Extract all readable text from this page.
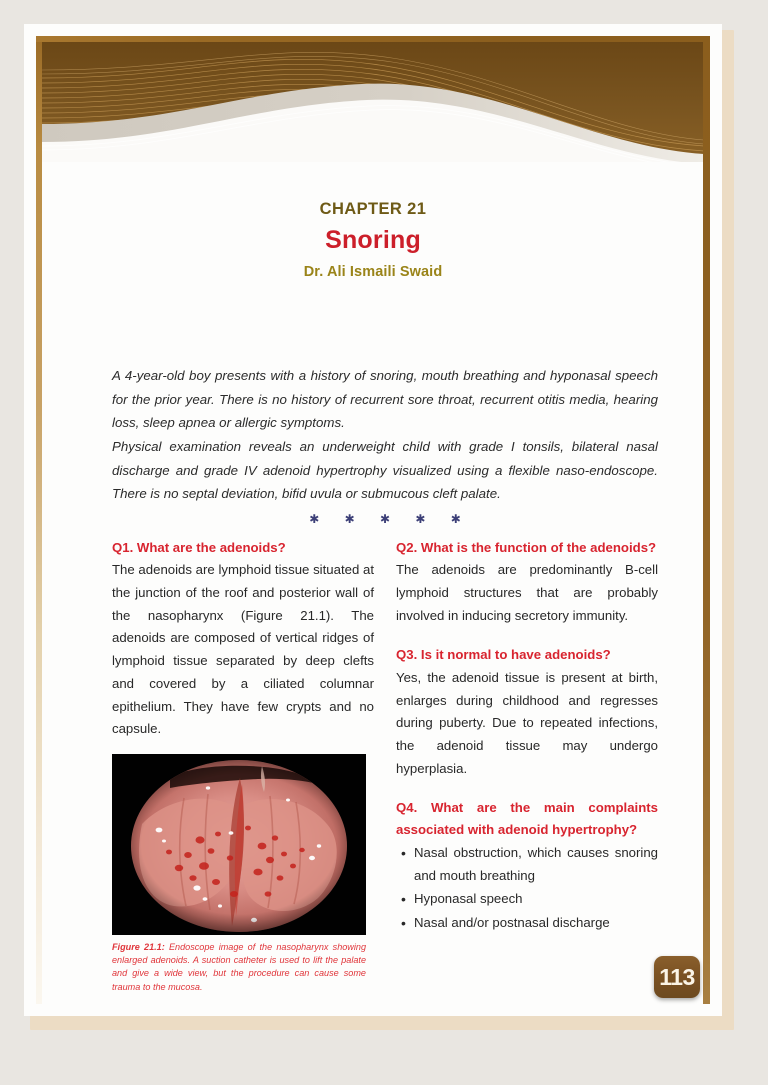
CHAPTER 21
Snoring
Dr. Ali Ismaili Swaid

A 4-year-old boy presents with a history of snoring, mouth breathing and hyponasal speech for the prior year. There is no history of recurrent sore throat, recurrent otitis media, hearing loss, sleep apnea or allergic symptoms.

Physical examination reveals an underweight child with grade I tonsils, bilateral nasal discharge and grade IV adenoid hypertrophy visualized using a flexible naso-endoscope. There is no septal deviation, bifid uvula or submucous cleft palate.

✱ ✱ ✱ ✱ ✱
Q1. What are the adenoids?
The adenoids are lymphoid tissue situated at the junction of the roof and posterior wall of the nasopharynx (Figure 21.1). The adenoids are composed of vertical ridges of lymphoid tissue separated by deep clefts and covered by a ciliated columnar epithelium. They have few crypts and no capsule.
Figure 21.1: Endoscope image of the nasopharynx showing enlarged adenoids. A suction catheter is used to lift the palate and give a wide view, but the procedure can cause some trauma to the mucosa.
Q2. What is the function of the adenoids?
The adenoids are predominantly B-cell lymphoid structures that are probably involved in inducing secretory immunity.
Q3. Is it normal to have adenoids?
Yes, the adenoid tissue is present at birth, enlarges during childhood and regresses during puberty. Due to repeated infections, the adenoid tissue may undergo hyperplasia.
Q4. What are the main complaints associated with adenoid hypertrophy?
• Nasal obstruction, which causes snoring and mouth breathing
• Hyponasal speech
• Nasal and/or postnasal discharge
113
